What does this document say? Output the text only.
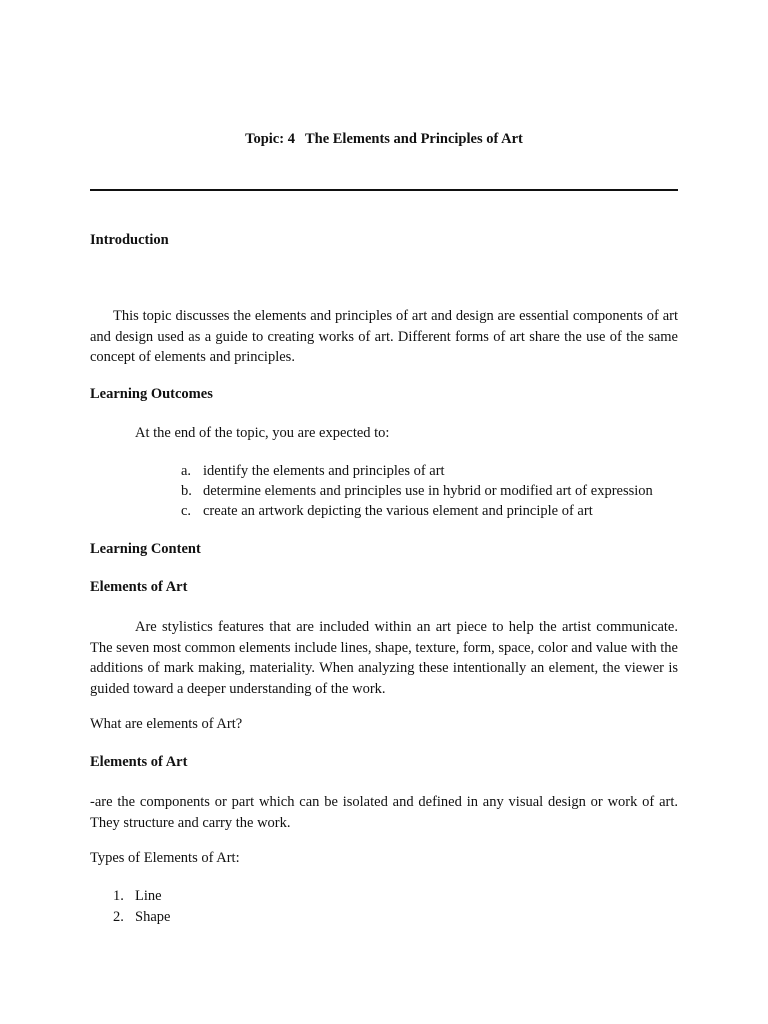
Topic: 4 The Elements and Principles of Art
Introduction
This topic discusses the elements and principles of art and design are essential components of art and design used as a guide to creating works of art. Different forms of art share the use of the same concept of elements and principles.
Learning Outcomes
At the end of the topic, you are expected to:
a. identify the elements and principles of art
b. determine elements and principles use in hybrid or modified art of expression
c. create an artwork depicting the various element and principle of art
Learning Content
Elements of Art
Are stylistics features that are included within an art piece to help the artist communicate. The seven most common elements include lines, shape, texture, form, space, color and value with the additions of mark making, materiality. When analyzing these intentionally an element, the viewer is guided toward a deeper understanding of the work.
What are elements of Art?
Elements of Art
-are the components or part which can be isolated and defined in any visual design or work of art. They structure and carry the work.
Types of Elements of Art:
1. Line
2. Shape
